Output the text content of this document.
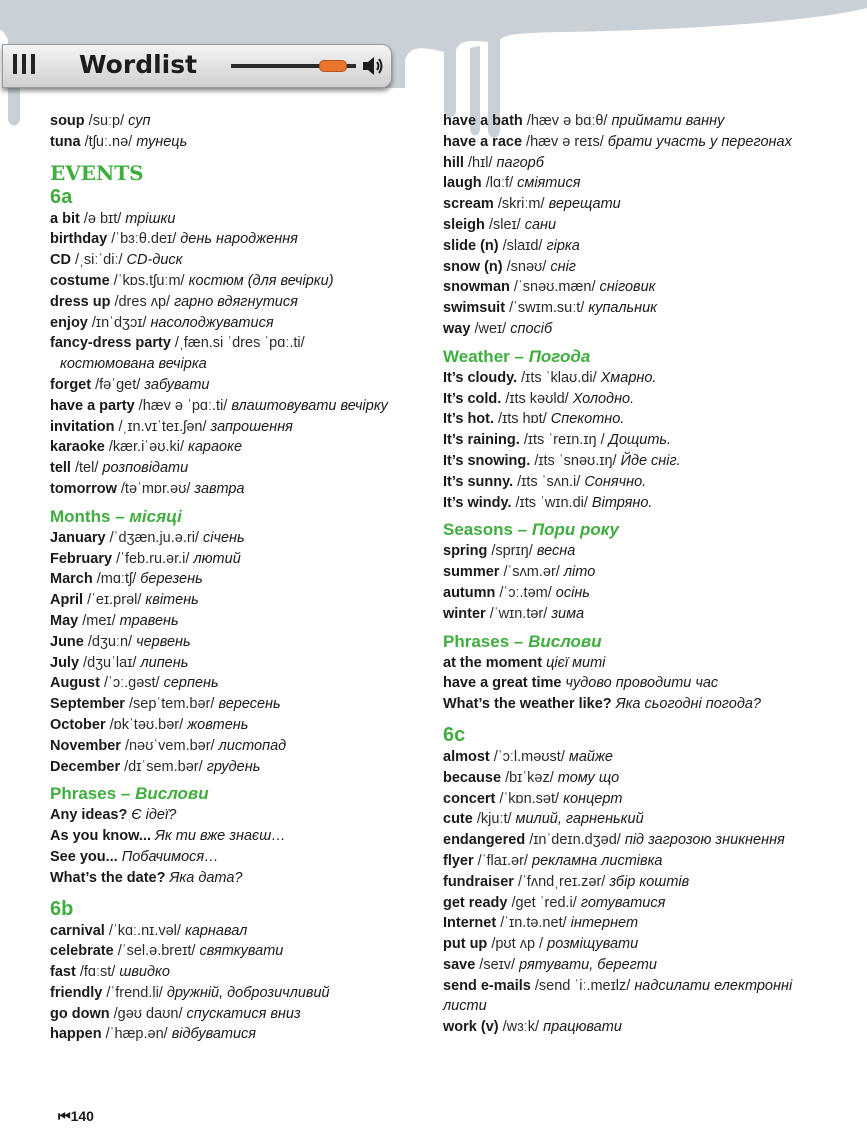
Wordlist
soup /suːp/ суп
tuna /tʃuː.nə/ тунець
EVENTS
6a
a bit /ə bɪt/ трішки
birthday /ˈbɜːθ.deɪ/ день народження
CD /ˌsiːˈdiː/ CD-диск
costume /ˈkɒs.tʃuːm/ костюм (для вечірки)
dress up /dres ʌp/ гарно вдягнутися
enjoy /ɪnˈdʒɔɪ/ насолоджуватися
fancy-dress party /ˌfæn.si ˈdres ˈpɑː.ti/
костюмована вечірка
forget /fəˈget/ забувати
have a party /hæv ə ˈpɑː.ti/ влаштовувати вечірку
invitation /ˌɪn.vɪˈteɪ.ʃən/ запрошення
karaoke /kær.iˈəʊ.ki/ караоке
tell /tel/ розповідати
tomorrow /təˈmɒr.əʊ/ завтра
Months – місяці
January /ˈdʒæn.ju.ə.ri/ січень
February /ˈfeb.ru.ər.i/ лютий
March /mɑːtʃ/ березень
April /ˈeɪ.prəl/ квітень
May /meɪ/ травень
June /dʒuːn/ червень
July /dʒuˈlaɪ/ липень
August /ˈɔː.gəst/ серпень
September /sepˈtem.bər/ вересень
October /ɒkˈtəʊ.bər/ жовтень
November /nəʊˈvem.bər/ листопад
December /dɪˈsem.bər/ грудень
Phrases – Вислови
Any ideas? Є ідеї?
As you know... Як ти вже знаєш…
See you... Побачимося…
What’s the date? Яка дата?
6b
carnival /ˈkɑː.nɪ.vəl/ карнавал
celebrate /ˈsel.ə.breɪt/ святкувати
fast /fɑːst/ швидко
friendly /ˈfrend.li/ дружній, доброзичливий
go down /gəʊ daʊn/ спускатися вниз
happen /ˈhæp.ən/ відбуватися
have a bath /hæv ə bɑːθ/ приймати ванну
have a race /hæv ə reɪs/ брати участь у перегонах
hill /hɪl/ пагорб
laugh /lɑːf/ сміятися
scream /skriːm/ верещати
sleigh /sleɪ/ сани
slide (n) /slaɪd/ гірка
snow (n) /snəʊ/ сніг
snowman /ˈsnəʊ.mæn/ сніговик
swimsuit /ˈswɪm.suːt/ купальник
way /weɪ/ спосіб
Weather – Погода
It’s cloudy. /ɪts ˈklaʊ.di/ Хмарно.
It’s cold. /ɪts kəʊld/ Холодно.
It’s hot. /ɪts hɒt/ Спекотно.
It’s raining. /ɪts ˈreɪn.ɪŋ / Дощить.
It’s snowing. /ɪts ˈsnəʊ.ɪŋ/ Йде сніг.
It’s sunny. /ɪts ˈsʌn.i/ Сонячно.
It’s windy. /ɪts ˈwɪn.di/ Вітряно.
Seasons – Пори року
spring /sprɪŋ/ весна
summer /ˈsʌm.ər/ літо
autumn /ˈɔː.təm/ осінь
winter /ˈwɪn.tər/ зима
Phrases – Вислови
at the moment цієї миті
have a great time чудово проводити час
What’s the weather like? Яка сьогодні погода?
6c
almost /ˈɔːl.məʊst/ майже
because /bɪˈkəz/ тому що
concert /ˈkɒn.sət/ концерт
cute /kjuːt/ милий, гарненький
endangered /ɪnˈdeɪn.dʒəd/ під загрозою зникнення
flyer /ˈflaɪ.ər/ рекламна листівка
fundraiser /ˈfʌndˌreɪ.zər/ збір коштів
get ready /get ˈred.i/ готуватися
Internet /ˈɪn.tə.net/ інтернет
put up /pʊt ʌp / розміщувати
save /seɪv/ рятувати, берегти
send e-mails /send ˈiː.meɪlz/ надсилати електронні листи
work (v) /wɜːk/ працювати
⏮140
